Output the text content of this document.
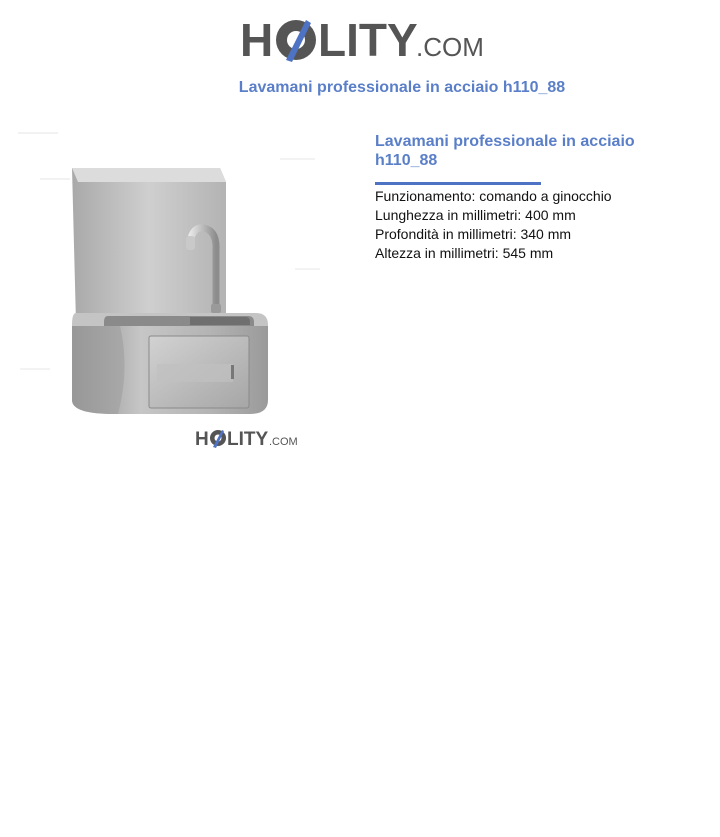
H LITY
.COM
Lavamani professionale in acciaio h110_88
H LITY .COM
Lavamani professionale in acciaio h110_88
Funzionamento: comando a ginocchio
Lunghezza in millimetri: 400 mm
Profondità in millimetri: 340 mm
Altezza in millimetri: 545 mm
